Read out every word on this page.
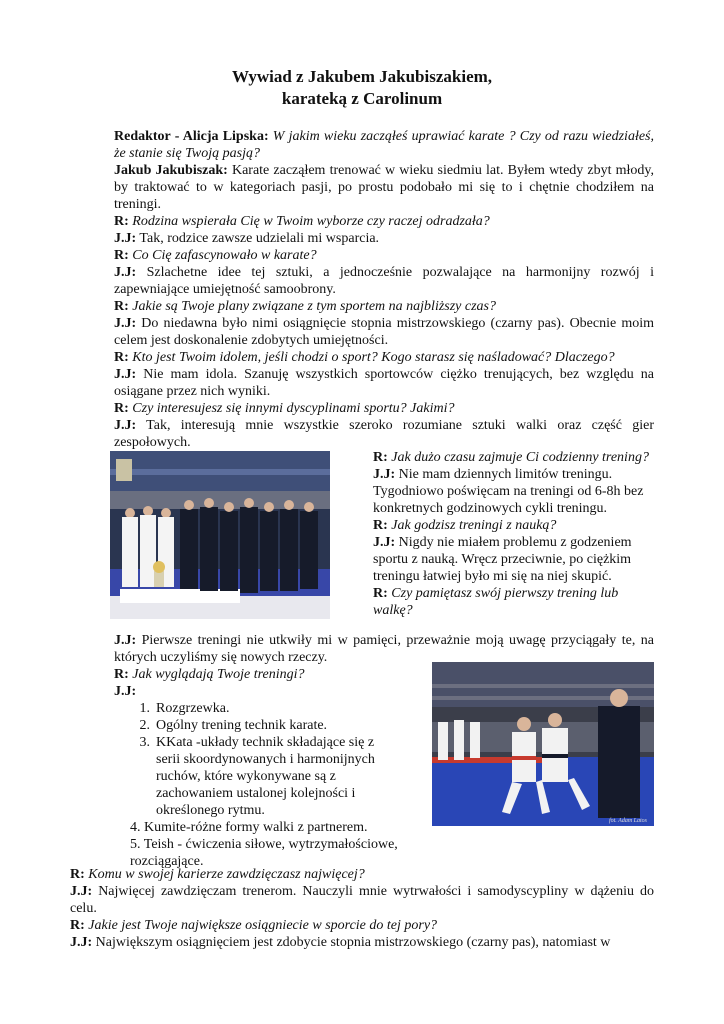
Wywiad z Jakubem Jakubiszakiem,
karateką z Carolinum

Redaktor - Alicja Lipska: W jakim wieku zacząłeś uprawiać karate ? Czy od razu wiedziałeś, że stanie się Twoją pasją?

Jakub Jakubiszak: Karate zacząłem trenować w wieku siedmiu lat. Byłem wtedy zbyt młody, by traktować to w kategoriach pasji, po prostu podobało mi się to i chętnie chodziłem na treningi.

R: Rodzina wspierała Cię w Twoim wyborze czy raczej odradzała?

J.J: Tak, rodzice zawsze udzielali mi wsparcia.

R: Co Cię zafascynowało w karate?

J.J: Szlachetne idee tej sztuki, a jednocześnie pozwalające na harmonijny rozwój i zapewniające umiejętność samoobrony.

R: Jakie są Twoje plany związane z tym sportem na najbliższy czas?

J.J: Do niedawna było nimi osiągnięcie stopnia mistrzowskiego (czarny pas). Obecnie moim celem jest doskonalenie zdobytych umiejętności.

R: Kto jest Twoim idolem, jeśli chodzi o sport? Kogo starasz się naśladować? Dlaczego?

J.J: Nie mam idola. Szanuję wszystkich sportowców ciężko trenujących, bez względu na osiągane przez nich wyniki.

R: Czy interesujesz się innymi dyscyplinami sportu? Jakimi?

J.J: Tak, interesują mnie wszystkie szeroko rozumiane sztuki walki oraz część gier zespołowych.

R: Jak dużo czasu zajmuje Ci codzienny trening?

J.J: Nie mam dziennych limitów treningu. Tygodniowo poświęcam na treningi od 6-8h bez konkretnych godzinowych cykli treningu.

R: Jak godzisz treningi z nauką?

J.J: Nigdy nie miałem problemu z godzeniem sportu z nauką. Wręcz przeciwnie, po ciężkim treningu łatwiej było mi się na niej skupić.

R: Czy pamiętasz swój pierwszy trening lub walkę?

J.J: Pierwsze treningi nie utkwiły mi w pamięci, przeważnie moją uwagę przyciągały te, na których uczyliśmy się nowych rzeczy.

R: Jak wyglądają Twoje treningi?

J.J:

1. Rozgrzewka.
2. Ogólny trening technik karate.
3. KKata -układy technik składające się z serii skoordynowanych i harmonijnych ruchów, które wykonywane są z zachowaniem ustalonej kolejności i określonego rytmu.
4. Kumite-różne formy walki z partnerem.
5. Teish - ćwiczenia siłowe, wytrzymałościowe, rozciągające.
fot. Adam Latos

R: Komu w swojej karierze zawdzięczasz najwięcej?

J.J: Najwięcej zawdzięczam trenerom. Nauczyli mnie wytrwałości i samodyscypliny w dążeniu do celu.

R: Jakie jest Twoje największe osiągniecie w sporcie do tej pory?

J.J: Największym osiągnięciem jest zdobycie stopnia mistrzowskiego (czarny pas), natomiast w
